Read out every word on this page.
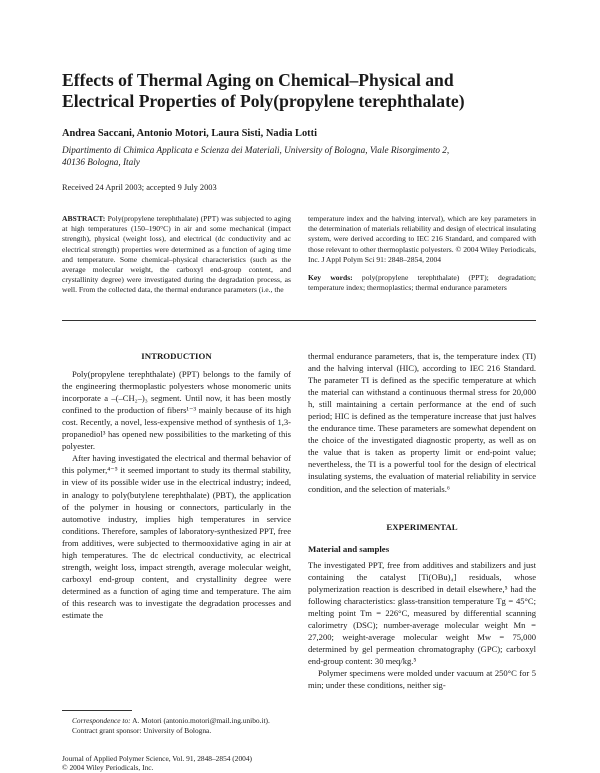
Effects of Thermal Aging on Chemical–Physical and
Electrical Properties of Poly(propylene terephthalate)
Andrea Saccani, Antonio Motori, Laura Sisti, Nadia Lotti
Dipartimento di Chimica Applicata e Scienza dei Materiali, University of Bologna, Viale Risorgimento 2,
40136 Bologna, Italy
Received 24 April 2003; accepted 9 July 2003
ABSTRACT: Poly(propylene terephthalate) (PPT) was subjected to aging at high temperatures (150–190°C) in air and some mechanical (impact strength), physical (weight loss), and electrical (dc conductivity and ac electrical strength) properties were determined as a function of aging time and temperature. Some chemical–physical characteristics (such as the average molecular weight, the carboxyl end-group content, and crystallinity degree) were investigated during the degradation process, as well. From the collected data, the thermal endurance parameters (i.e., the

temperature index and the halving interval), which are key parameters in the determination of materials reliability and design of electrical insulating system, were derived according to IEC 216 Standard, and compared with those relevant to other thermoplastic polyesters. © 2004 Wiley Periodicals, Inc. J Appl Polym Sci 91: 2848–2854, 2004

Key words: poly(propylene terephthalate) (PPT); degradation; temperature index; thermoplastics; thermal endurance parameters

INTRODUCTION

Poly(propylene terephthalate) (PPT) belongs to the family of the engineering thermoplastic polyesters whose monomeric units incorporate a –(–CH₂–)₃ segment. Until now, it has been mostly confined to the production of fibers¹⁻³ mainly because of its high cost. Recently, a novel, less-expensive method of synthesis of 1,3-propanediol³ has opened new possibilities to the marketing of this polyester.

After having investigated the electrical and thermal behavior of this polymer,⁴⁻⁵ it seemed important to study its thermal stability, in view of its possible wider use in the electrical industry; indeed, in analogy to poly(butylene terephthalate) (PBT), the application of the polymer in housing or connectors, particularly in the automotive industry, implies high temperatures in service conditions. Therefore, samples of laboratory-synthesized PPT, free from additives, were subjected to thermooxidative aging in air at high temperatures. The dc electrical conductivity, ac electrical strength, weight loss, impact strength, average molecular weight, carboxyl end-group content, and crystallinity degree were determined as a function of aging time and temperature. The aim of this research was to investigate the degradation processes and estimate the

thermal endurance parameters, that is, the temperature index (TI) and the halving interval (HIC), according to IEC 216 Standard. The parameter TI is defined as the specific temperature at which the material can withstand a continuous thermal stress for 20,000 h, still maintaining a certain performance at the end of such period; HIC is defined as the temperature increase that just halves the endurance time. These parameters are somewhat dependent on the choice of the investigated diagnostic property, as well as on the value that is taken as property limit or end-point value; nevertheless, the TI is a powerful tool for the design of electrical insulating systems, the evaluation of material reliability in service condition, and the selection of materials.⁶

EXPERIMENTAL
Material and samples

The investigated PPT, free from additives and stabilizers and just containing the catalyst [Ti(OBu)₄] residuals, whose polymerization reaction is described in detail elsewhere,⁵ had the following characteristics: glass-transition temperature Tg = 45°C; melting point Tm = 226°C, measured by differential scanning calorimetry (DSC); number-average molecular weight Mn = 27,200; weight-average molecular weight Mw = 75,000 determined by gel permeation chromatography (GPC); carboxyl end-group content: 30 meq/kg.⁵

Polymer specimens were molded under vacuum at 250°C for 5 min; under these conditions, neither sig-

Correspondence to: A. Motori (antonio.motori@mail.ing.unibo.it).

Contract grant sponsor: University of Bologna.

Journal of Applied Polymer Science, Vol. 91, 2848–2854 (2004)
© 2004 Wiley Periodicals, Inc.
